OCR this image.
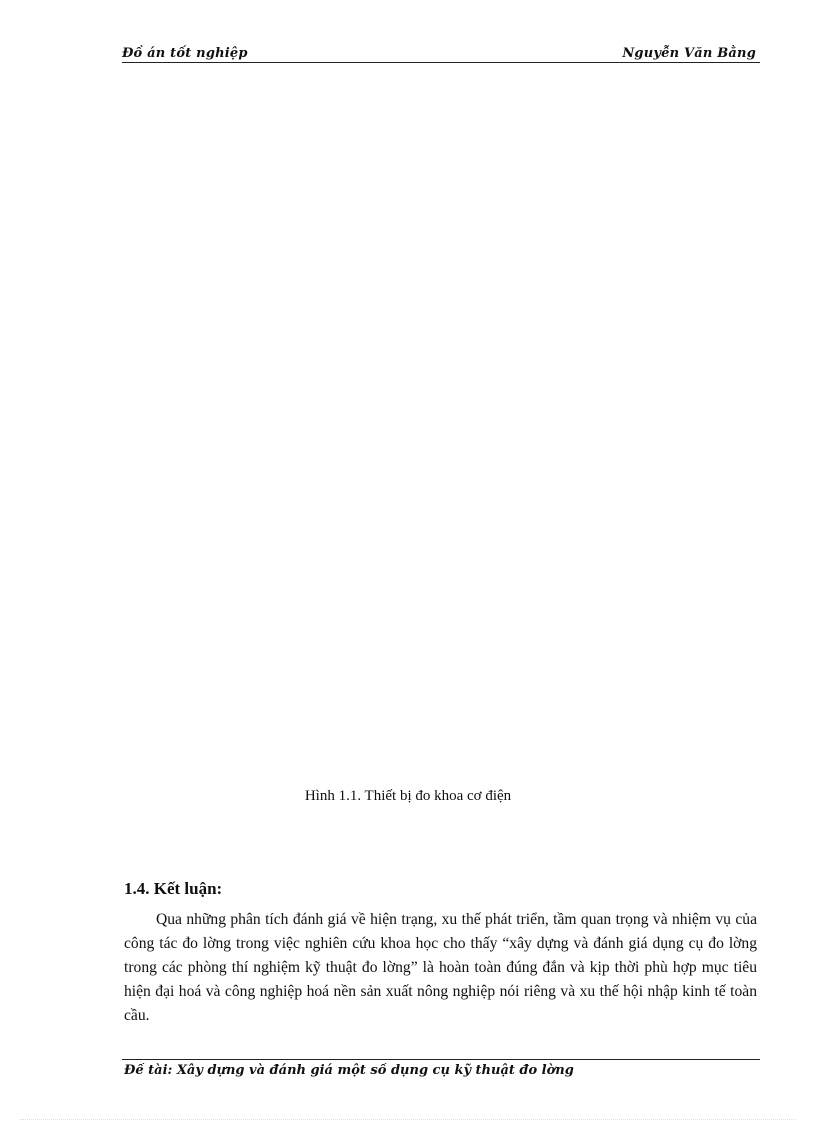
Đồ án tốt nghiệp	Nguyễn Văn Bằng
Hình 1.1. Thiết bị đo khoa cơ điện
1.4. Kết luận:
Qua những phân tích đánh giá về hiện trạng, xu thế phát triển, tầm quan trọng và nhiệm vụ của công tác đo lờng trong việc nghiên cứu khoa học cho thấy “xây dựng và đánh giá dụng cụ đo lờng trong các phòng thí nghiệm kỹ thuật đo lờng” là hoàn toàn đúng đắn và kịp thời phù hợp mục tiêu hiện đại hoá và công nghiệp hoá nền sản xuất nông nghiệp nói riêng và xu thế hội nhập kinh tế toàn cầu.
Đề tài: Xây dựng và đánh giá một số dụng cụ kỹ thuật đo lờng
